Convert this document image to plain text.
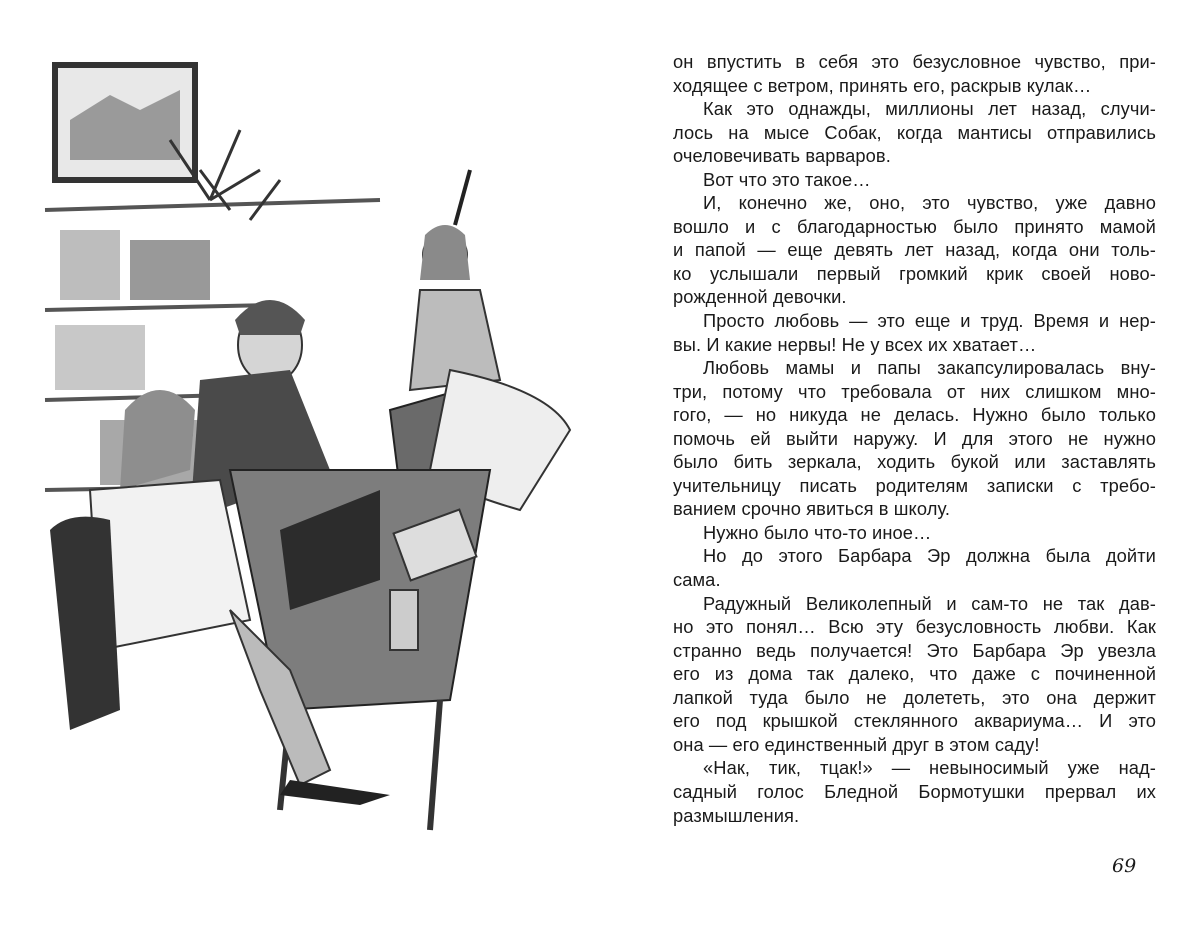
он впустить в себя это безусловное чувство, при-
ходящее с ветром, принять его, раскрыв кулак…
Как это однажды, миллионы лет назад, случи-
лось на мысе Собак, когда мантисы отправились
очеловечивать варваров.
Вот что это такое…
И, конечно же, оно, это чувство, уже давно
вошло и с благодарностью было принято мамой
и папой — еще девять лет назад, когда они толь-
ко услышали первый громкий крик своей ново-
рожденной девочки.
Просто любовь — это еще и труд. Время и нер-
вы. И какие нервы! Не у всех их хватает…
Любовь мамы и папы закапсулировалась вну-
три, потому что требовала от них слишком мно-
гого, — но никуда не делась. Нужно было только
помочь ей выйти наружу. И для этого не нужно
было бить зеркала, ходить букой или заставлять
учительницу писать родителям записки с требо-
ванием срочно явиться в школу.
Нужно было что-то иное…
Но до этого Барбара Эр должна была дойти
сама.
Радужный Великолепный и сам-то не так дав-
но это понял… Всю эту безусловность любви. Как
странно ведь получается! Это Барбара Эр увезла
его из дома так далеко, что даже с починенной
лапкой туда было не долететь, это она держит
его под крышкой стеклянного аквариума… И это
она — его единственный друг в этом саду!
«Нак, тик, тцак!» — невыносимый уже над-
садный голос Бледной Бормотушки прервал их
размышления.
69
